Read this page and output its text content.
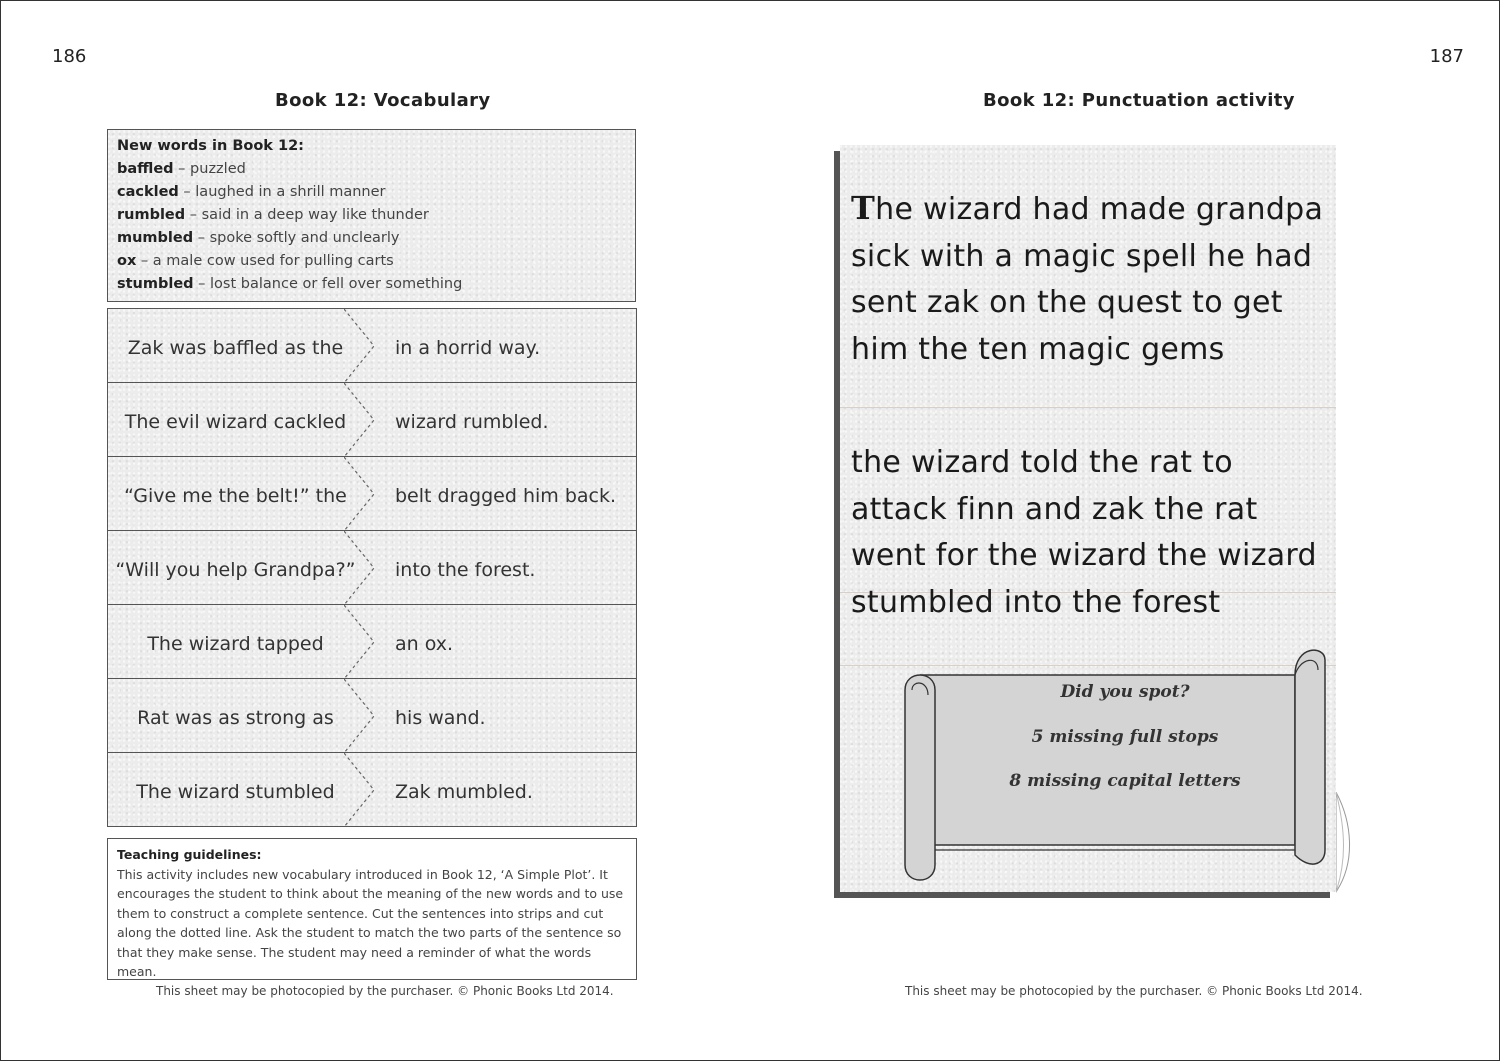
186	187
Book 12: Vocabulary	Book 12: Punctuation activity
New words in Book 12:
baffled – puzzled
cackled – laughed in a shrill manner
rumbled – said in a deep way like thunder
mumbled – spoke softly and unclearly
ox – a male cow used for pulling carts
stumbled – lost balance or fell over something
Zak was baffled as the	in a horrid way.
The evil wizard cackled	wizard rumbled.
“Give me the belt!” the	belt dragged him back.
“Will you help Grandpa?”	into the forest.
The wizard tapped	an ox.
Rat was as strong as	his wand.
The wizard stumbled	Zak mumbled.
Teaching guidelines:
This activity includes new vocabulary introduced in Book 12, ‘A Simple Plot’. It encourages the student to think about the meaning of the new words and to use them to construct a complete sentence. Cut the sentences into strips and cut along the dotted line. Ask the student to match the two parts of the sentence so that they make sense. The student may need a reminder of what the words mean.
This sheet may be photocopied by the purchaser. © Phonic Books Ltd 2014.
The wizard had made grandpa sick with a magic spell he had sent zak on the quest to get him the ten magic gems
the wizard told the rat to attack finn and zak the rat went for the wizard the wizard stumbled into the forest
Did you spot?
5 missing full stops
8 missing capital letters
This sheet may be photocopied by the purchaser. © Phonic Books Ltd 2014.
